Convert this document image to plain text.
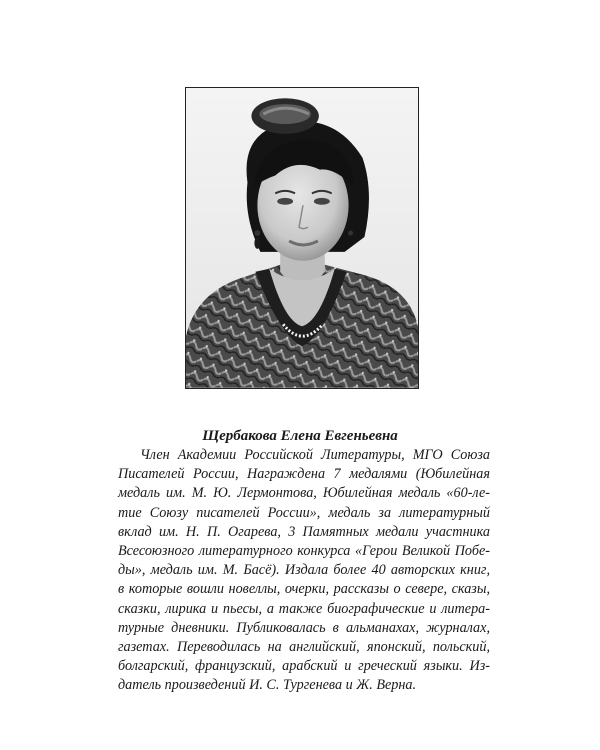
Щербакова Елена Евгеньевна

Член Академии Российской Литературы, МГО Союза
Писателей России, Награждена 7 медалями (Юбилейная
медаль им. М. Ю. Лермонтова, Юбилейная медаль «60-ле-
тие Союзу писателей России», медаль за литературный
вклад им. Н. П. Огарева, 3 Памятных медали участника
Всесоюзного литературного конкурса «Герои Великой Побе-
ды», медаль им. М. Басё). Издала более 40 авторских книг,
в которые вошли новеллы, очерки, рассказы о севере, сказы,
сказки, лирика и пьесы, а также биографические и литера-
турные дневники. Публиковалась в альманахах, журналах,
газетах. Переводилась на английский, японский, польский,
болгарский, французский, арабский и греческий языки. Из-
датель произведений И. С. Тургенева и Ж. Верна.
